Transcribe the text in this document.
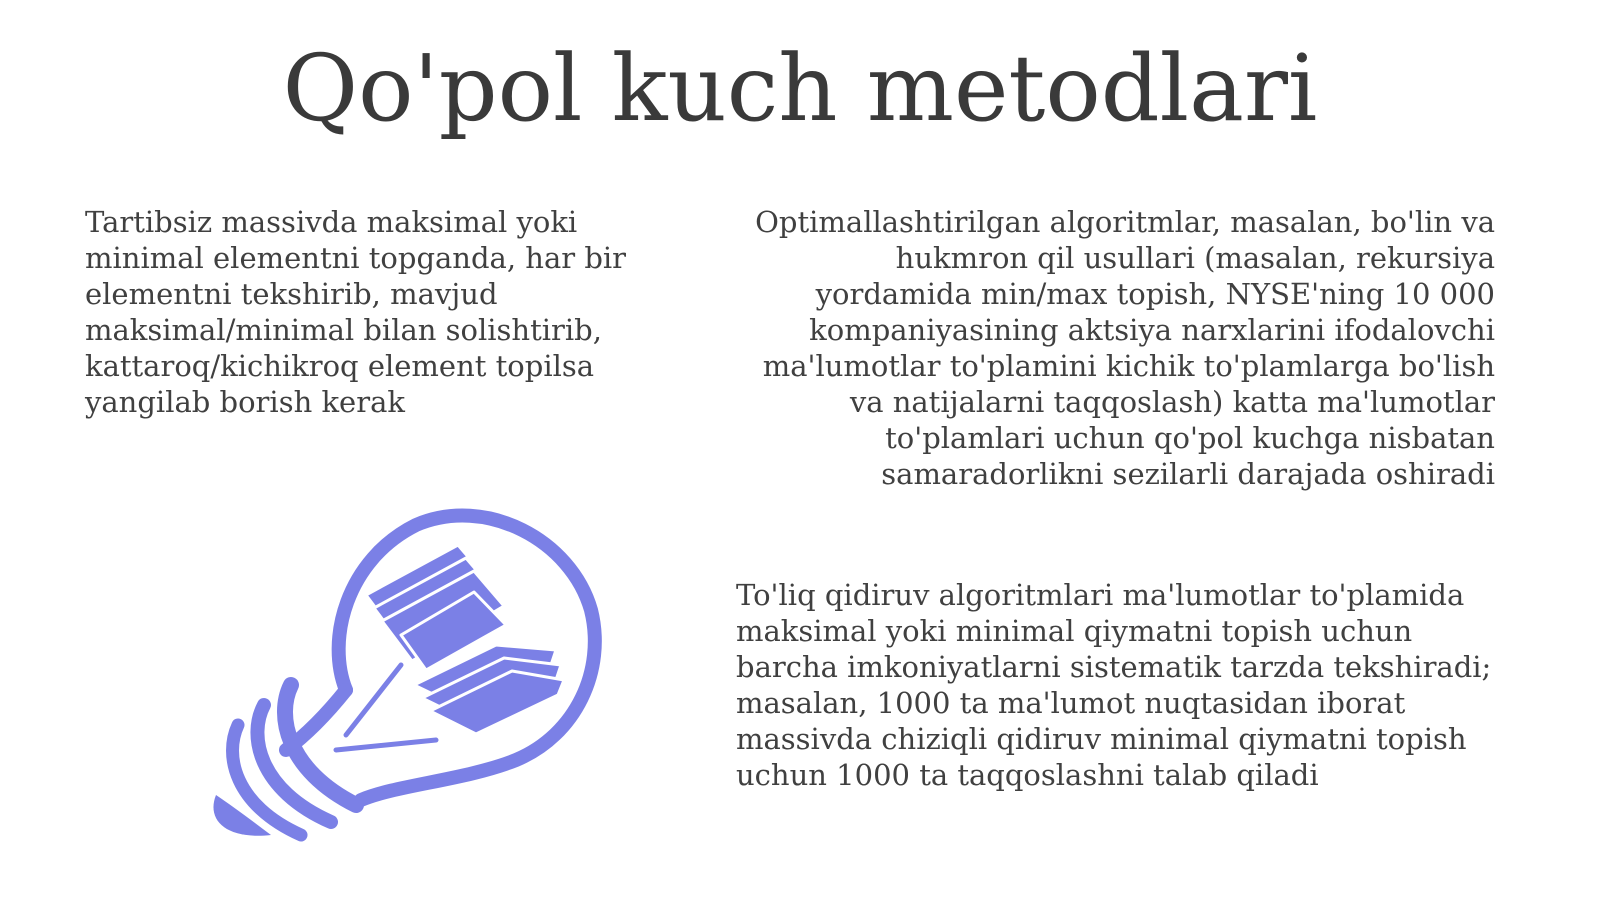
Qo'pol kuch metodlari

Tartibsiz massivda maksimal yoki minimal elementni topganda, har bir elementni tekshirib, mavjud maksimal/minimal bilan solishtirib, kattaroq/kichikroq element topilsa yangilab borish kerak

Optimallashtirilgan algoritmlar, masalan, bo'lin va hukmron qil usullari (masalan, rekursiya yordamida min/max topish, NYSE'ning 10 000 kompaniyasining aktsiya narxlarini ifodalovchi ma'lumotlar to'plamini kichik to'plamlarga bo'lish va natijalarni taqqoslash) katta ma'lumotlar to'plamlari uchun qo'pol kuchga nisbatan samaradorlikni sezilarli darajada oshiradi

To'liq qidiruv algoritmlari ma'lumotlar to'plamida maksimal yoki minimal qiymatni topish uchun barcha imkoniyatlarni sistematik tarzda tekshiradi; masalan, 1000 ta ma'lumot nuqtasidan iborat massivda chiziqli qidiruv minimal qiymatni topish uchun 1000 ta taqqoslashni talab qiladi
